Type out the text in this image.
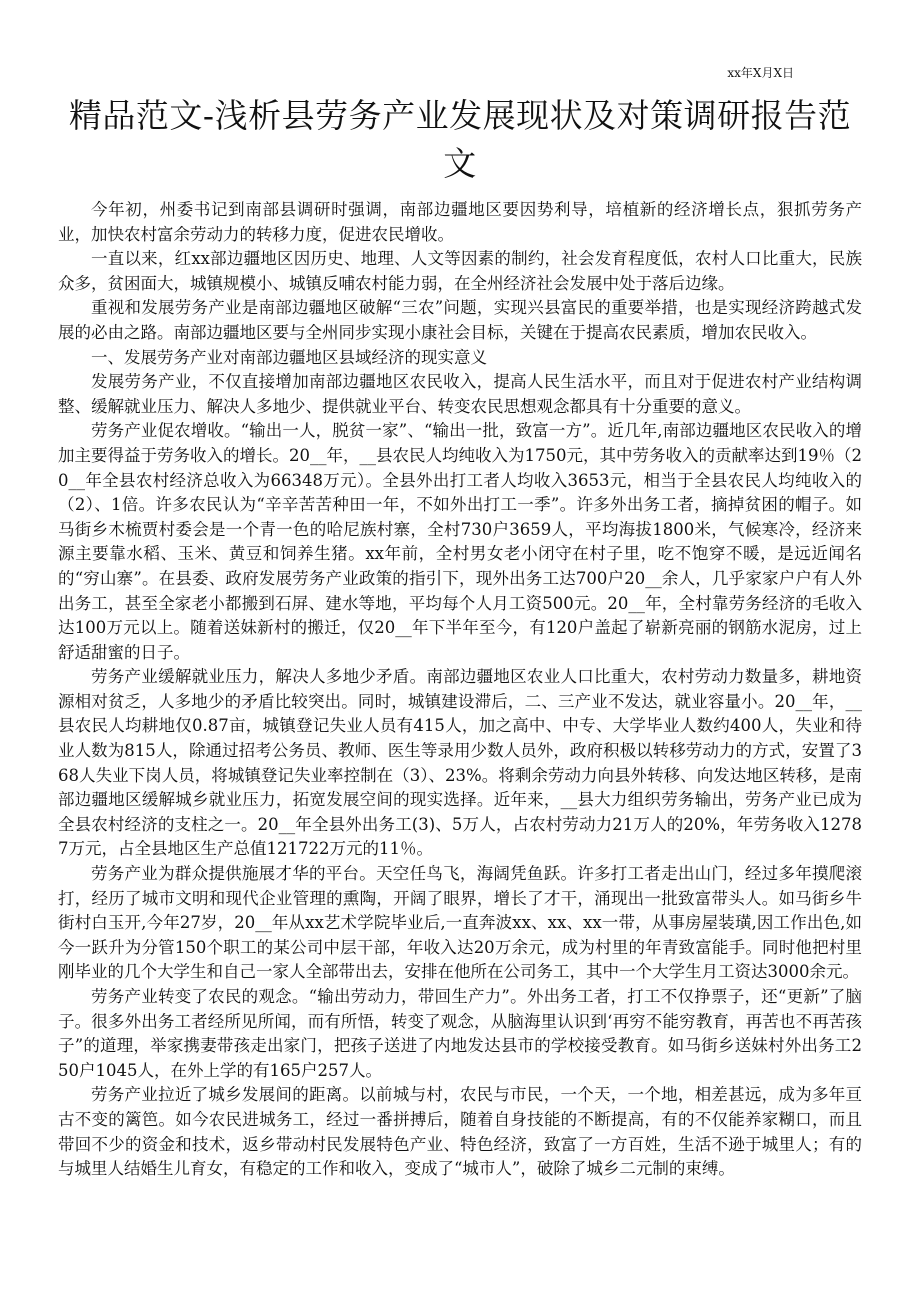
xx年X月X日
精品范文-浅析县劳务产业发展现状及对策调研报告范文

今年初，州委书记到南部县调研时强调，南部边疆地区要因势利导，培植新的经济增长点，狠抓劳务产业，加快农村富余劳动力的转移力度，促进农民增收。

一直以来，红xx部边疆地区因历史、地理、人文等因素的制约，社会发育程度低，农村人口比重大，民族众多，贫困面大，城镇规模小、城镇反哺农村能力弱，在全州经济社会发展中处于落后边缘。

重视和发展劳务产业是南部边疆地区破解“三农”问题，实现兴县富民的重要举措，也是实现经济跨越式发展的必由之路。南部边疆地区要与全州同步实现小康社会目标，关键在于提高农民素质，增加农民收入。

一、发展劳务产业对南部边疆地区县域经济的现实意义

发展劳务产业，不仅直接增加南部边疆地区农民收入，提高人民生活水平，而且对于促进农村产业结构调整、缓解就业压力、解决人多地少、提供就业平台、转变农民思想观念都具有十分重要的意义。

劳务产业促农增收。“输出一人，脱贫一家”、“输出一批，致富一方”。近几年,南部边疆地区农民收入的增加主要得益于劳务收入的增长。20__年，__县农民人均纯收入为1750元，其中劳务收入的贡献率达到19％（20__年全县农村经济总收入为66348万元）。全县外出打工者人均收入3653元，相当于全县农民人均纯收入的（2）、1倍。许多农民认为“辛辛苦苦种田一年，不如外出打工一季”。许多外出务工者，摘掉贫困的帽子。如马街乡木梳贾村委会是一个青一色的哈尼族村寨，全村730户3659人，平均海拔1800米，气候寒冷，经济来源主要靠水稻、玉米、黄豆和饲养生猪。xx年前，全村男女老小闭守在村子里，吃不饱穿不暖，是远近闻名的“穷山寨”。在县委、政府发展劳务产业政策的指引下，现外出务工达700户20__余人，几乎家家户户有人外出务工，甚至全家老小都搬到石屏、建水等地，平均每个人月工资500元。20__年，全村靠劳务经济的毛收入达100万元以上。随着送妹新村的搬迁，仅20__年下半年至今，有120户盖起了崭新亮丽的钢筋水泥房，过上舒适甜蜜的日子。

劳务产业缓解就业压力，解决人多地少矛盾。南部边疆地区农业人口比重大，农村劳动力数量多，耕地资源相对贫乏，人多地少的矛盾比较突出。同时，城镇建设滞后，二、三产业不发达，就业容量小。20__年，__县农民人均耕地仅0.87亩，城镇登记失业人员有415人，加之高中、中专、大学毕业人数约400人，失业和待业人数为815人，除通过招考公务员、教师、医生等录用少数人员外，政府积极以转移劳动力的方式，安置了368人失业下岗人员，将城镇登记失业率控制在（3）、23%。将剩余劳动力向县外转移、向发达地区转移，是南部边疆地区缓解城乡就业压力，拓宽发展空间的现实选择。近年来，__县大力组织劳务输出，劳务产业已成为全县农村经济的支柱之一。20__年全县外出务工(3)、5万人，占农村劳动力21万人的20%，年劳务收入12787万元，占全县地区生产总值121722万元的11％。

劳务产业为群众提供施展才华的平台。天空任鸟飞，海阔凭鱼跃。许多打工者走出山门，经过多年摸爬滚打，经历了城市文明和现代企业管理的熏陶，开阔了眼界，增长了才干，涌现出一批致富带头人。如马街乡牛街村白玉开,今年27岁，20__年从xx艺术学院毕业后,一直奔波xx、xx、xx一带，从事房屋装璜,因工作出色,如今一跃升为分管150个职工的某公司中层干部，年收入达20万余元，成为村里的年青致富能手。同时他把村里刚毕业的几个大学生和自己一家人全部带出去，安排在他所在公司务工，其中一个大学生月工资达3000余元。

劳务产业转变了农民的观念。“输出劳动力，带回生产力”。外出务工者，打工不仅挣票子，还“更新”了脑子。很多外出务工者经所见所闻，而有所悟，转变了观念，从脑海里认识到‘再穷不能穷教育，再苦也不再苦孩子”的道理，举家携妻带孩走出家门，把孩子送进了内地发达县市的学校接受教育。如马街乡送妹村外出务工250户1045人，在外上学的有165户257人。

劳务产业拉近了城乡发展间的距离。以前城与村，农民与市民，一个天，一个地，相差甚远，成为多年亘古不变的篱笆。如今农民进城务工，经过一番拼搏后，随着自身技能的不断提高，有的不仅能养家糊口，而且带回不少的资金和技术，返乡带动村民发展特色产业、特色经济，致富了一方百姓，生活不逊于城里人；有的与城里人结婚生儿育女，有稳定的工作和收入，变成了“城市人”，破除了城乡二元制的束缚。
